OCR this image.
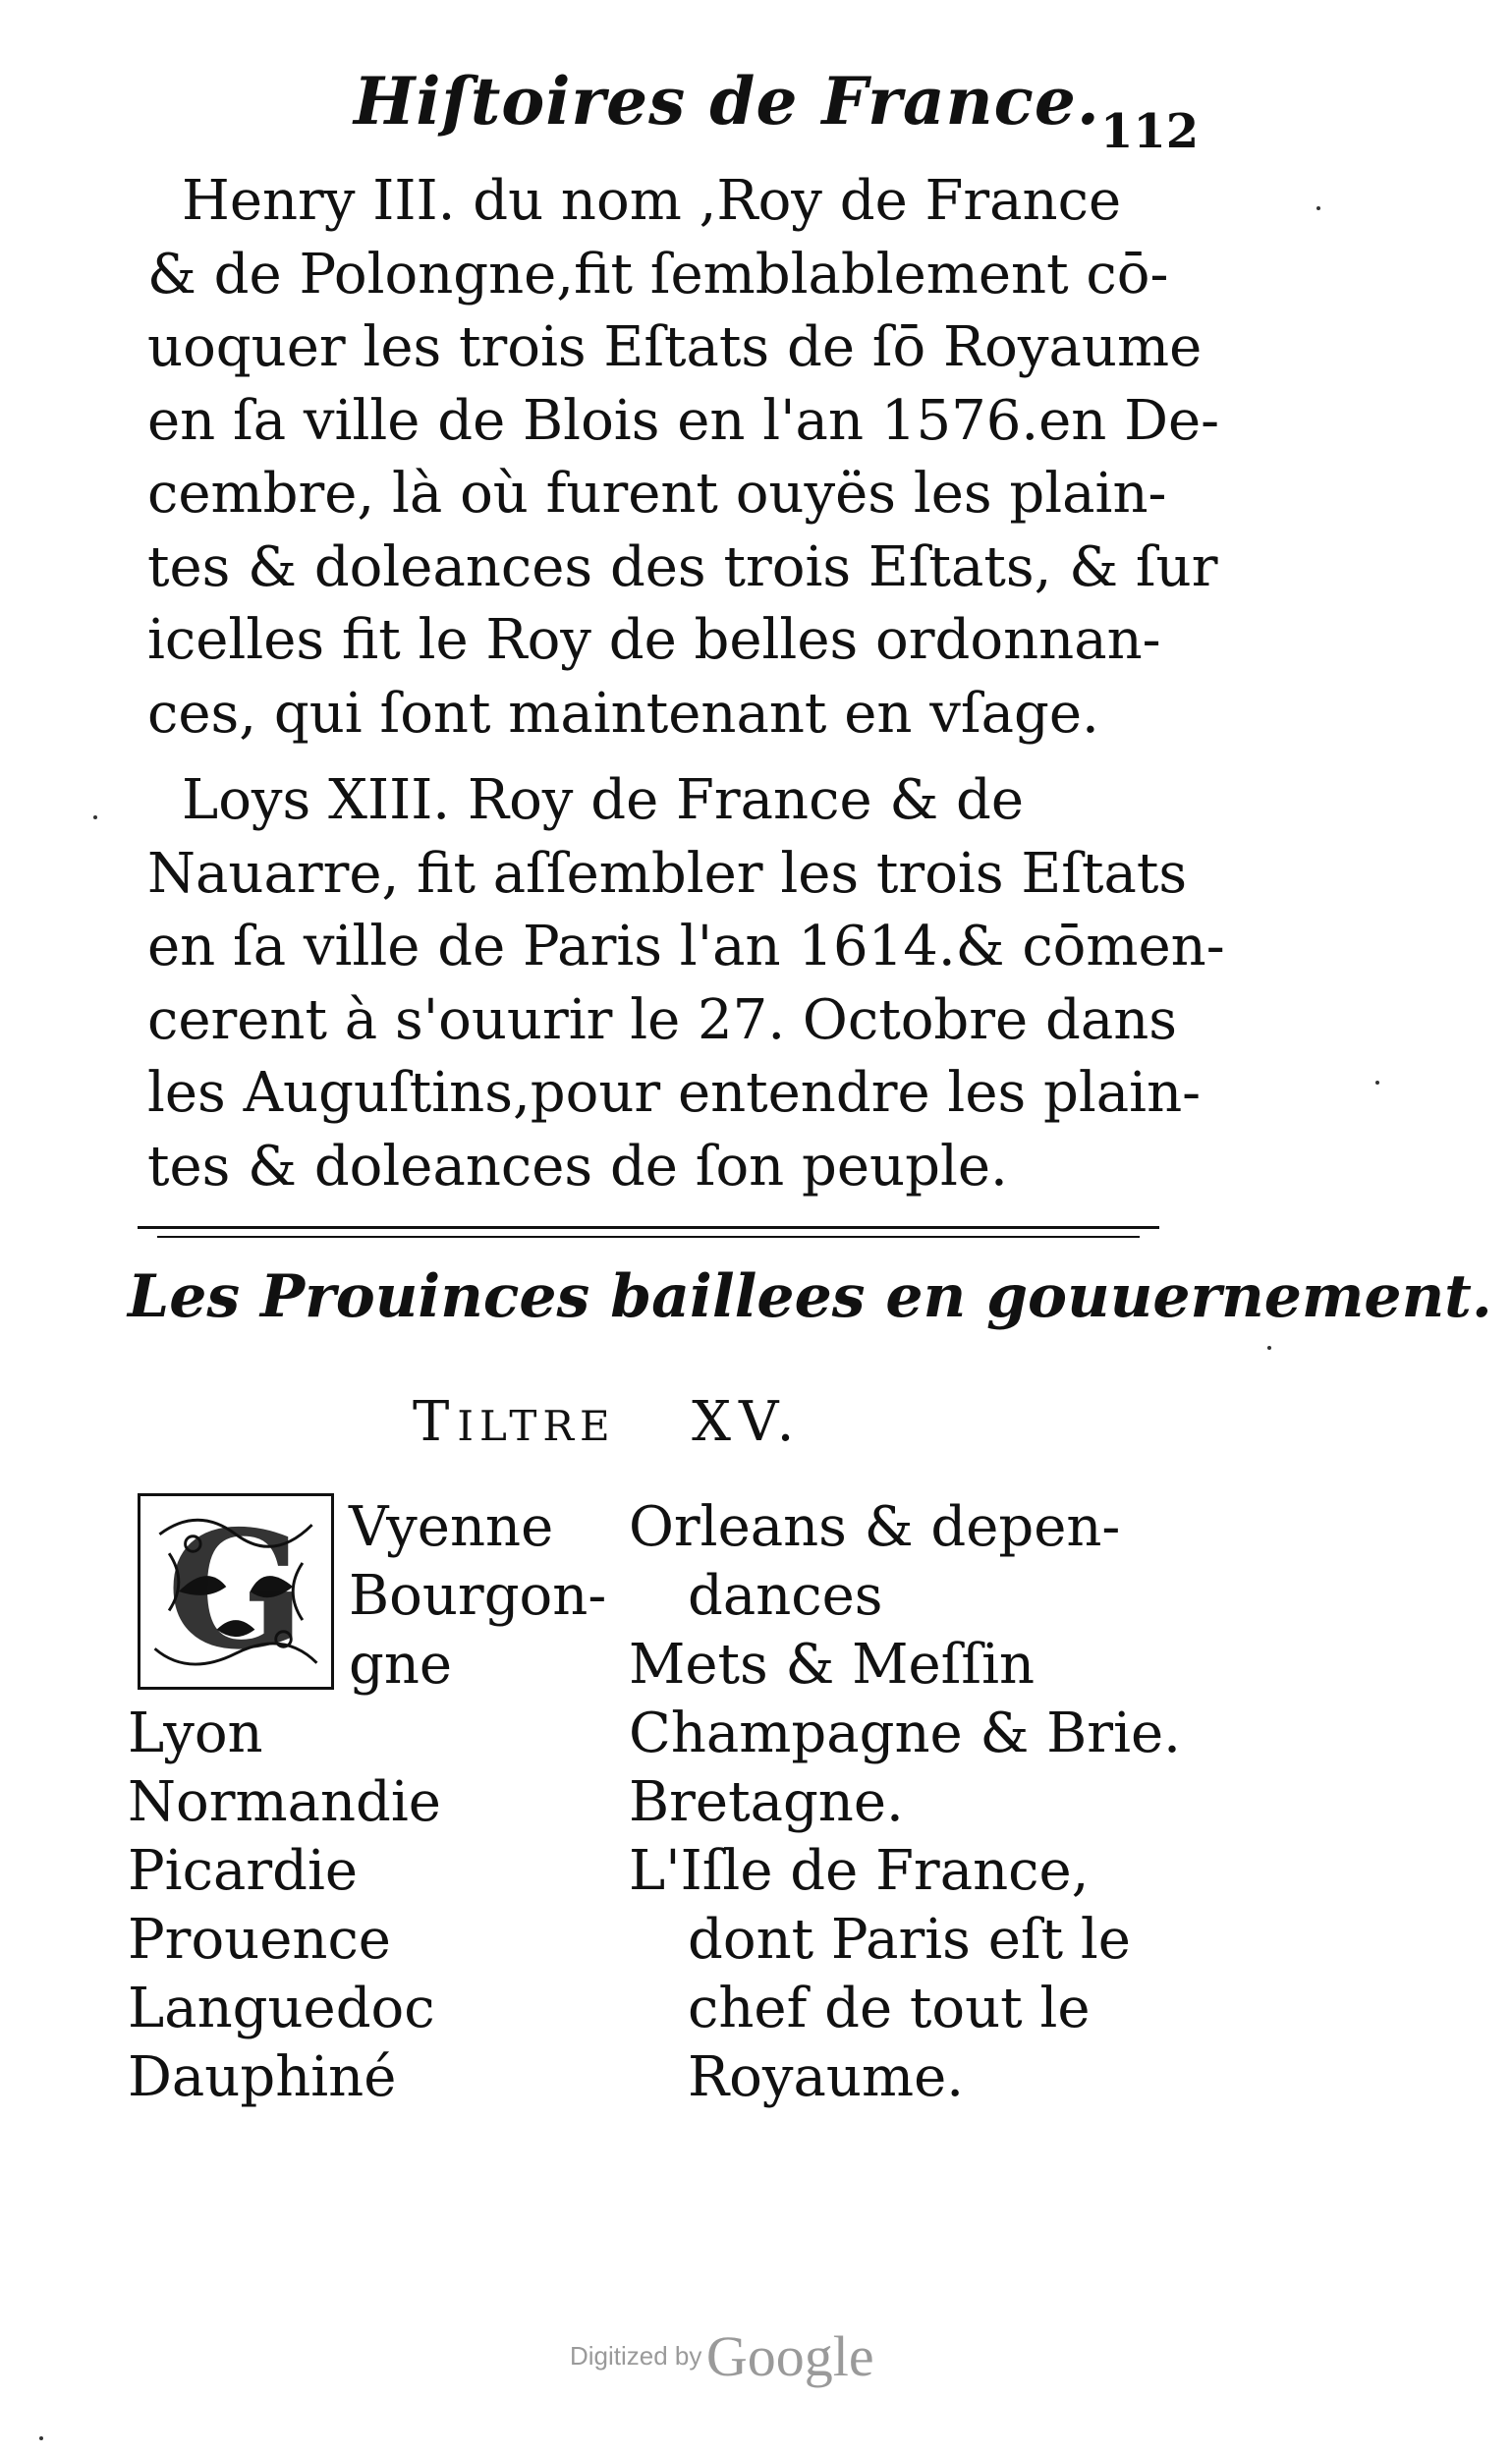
Hiſtoires de France. 112
Henry III. du nom ,Roy de France
& de Polongne,fit ſemblablement cō-
uoquer les trois Eſtats de ſō Royaume
en ſa ville de Blois en l'an 1576.en De-
cembre, là où furent ouyës les plain-
tes & doleances des trois Eſtats, & ſur
icelles fit le Roy de belles ordonnan-
ces, qui ſont maintenant en vſage.
Loys XIII. Roy de France & de
Nauarre, fit aſſembler les trois Eſtats
en ſa ville de Paris l'an 1614.& cōmen-
cerent à s'ouurir le 27. Octobre dans
les Auguſtins,pour entendre les plain-
tes & doleances de ſon peuple.
Les Prouinces baillees en gouuernement.
TILTRE XV.
Vyenne
Bourgon-
gne
Lyon
Normandie
Picardie
Prouence
Languedoc
Dauphiné
Orleans & depen-
dances
Mets & Meſſin
Champagne & Brie.
Bretagne.
L'Iſle de France,
dont Paris eſt le
chef de tout le
Royaume.
G
Digitized by Google
